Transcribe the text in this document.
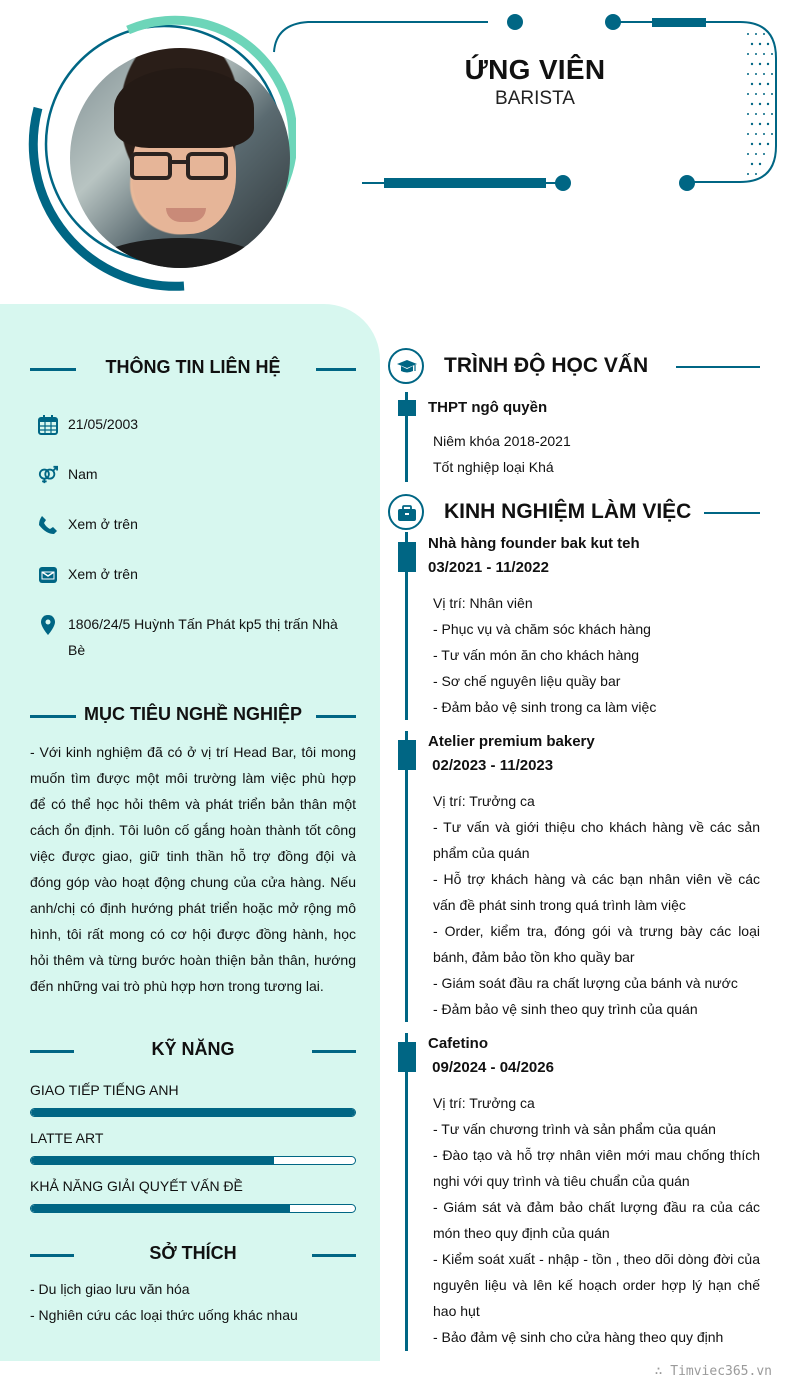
ỨNG VIÊN
BARISTA
THÔNG TIN LIÊN HỆ
21/05/2003
Nam
Xem ở trên
Xem ở trên
1806/24/5 Huỳnh Tấn Phát kp5 thị trấn Nhà Bè
MỤC TIÊU NGHỀ NGHIỆP
- Với kinh nghiệm đã có ở vị trí Head Bar, tôi mong muốn tìm được một môi trường làm việc phù hợp để có thể học hỏi thêm và phát triển bản thân một cách ổn định. Tôi luôn cố gắng hoàn thành tốt công việc được giao, giữ tinh thần hỗ trợ đồng đội và đóng góp vào hoạt động chung của cửa hàng. Nếu anh/chị có định hướng phát triển hoặc mở rộng mô hình, tôi rất mong có cơ hội được đồng hành, học hỏi thêm và từng bước hoàn thiện bản thân, hướng đến những vai trò phù hợp hơn trong tương lai.
KỸ NĂNG
GIAO TIẾP TIẾNG ANH
LATTE ART
KHẢ NĂNG GIẢI QUYẾT VẤN ĐỀ
SỞ THÍCH
- Du lịch giao lưu văn hóa
- Nghiên cứu các loại thức uống khác nhau
TRÌNH ĐỘ HỌC VẤN
THPT ngô quyền
Niêm khóa 2018-2021
Tốt nghiệp loại Khá
KINH NGHIỆM LÀM VIỆC
Nhà hàng founder bak kut teh
03/2021 - 11/2022
Vị trí: Nhân viên
- Phục vụ và chăm sóc khách hàng
- Tư vấn món ăn cho khách hàng
- Sơ chế nguyên liệu quầy bar
- Đảm bảo vệ sinh trong ca làm việc
Atelier premium bakery
02/2023 - 11/2023
Vị trí: Trưởng ca
- Tư vấn và giới thiệu cho khách hàng về các sản phẩm của quán
- Hỗ trợ khách hàng và các bạn nhân viên về các vấn đề phát sinh trong quá trình làm việc
- Order, kiểm tra, đóng gói và trưng bày các loại bánh, đảm bảo tồn kho quầy bar
- Giám soát đầu ra chất lượng của bánh và nước
- Đảm bảo vệ sinh theo quy trình của quán
Cafetino
09/2024 - 04/2026
Vị trí: Trưởng ca
- Tư vấn chương trình và sản phẩm của quán
- Đào tạo và hỗ trợ nhân viên mới mau chống thích nghi với quy trình và tiêu chuẩn của quán
- Giám sát và đảm bảo chất lượng đầu ra của các món theo quy định của quán
- Kiểm soát xuất - nhập - tồn , theo dõi dòng đời của nguyên liệu và lên kế hoạch order hợp lý hạn chế hao hụt
- Bảo đảm vệ sinh cho cửa hàng theo quy định
∴ Timviec365.vn
